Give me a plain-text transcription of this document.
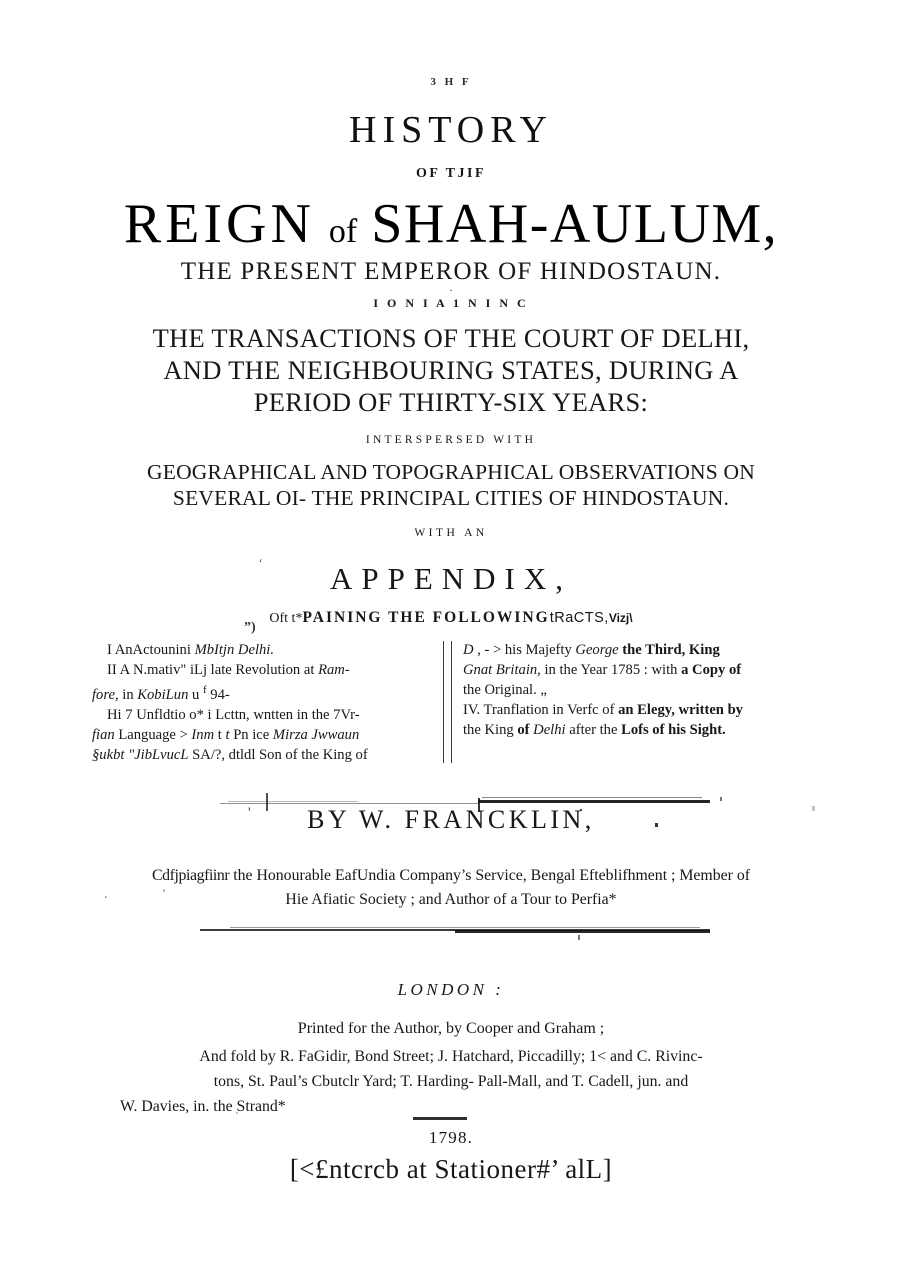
3 H F
HISTORY
OF TJIF
REIGN of SHAH-AULUM,
THE PRESENT EMPEROR OF HINDOSTAUN.
·
I O N I A 1 N I N C
THE TRANSACTIONS OF THE COURT OF DELHI,
AND THE NEIGHBOURING STATES, DURING A
PERIOD OF THIRTY-SIX YEARS:
INTERSPERSED WITH
GEOGRAPHICAL AND TOPOGRAPHICAL OBSERVATIONS ON
SEVERAL OI- THE PRINCIPAL CITIES OF HINDOSTAUN.
WITH AN
‘	APPENDIX,
Oft t*PAINING THE FOLLOWINGtRaCTS,Vizj\
”)

I AnActounini MbItjn Delhi.

II A N.mativ" iLj late Revolution at Ram-

fоre, in KobiLun u $^f$ 94-

Hi 7 Unfldtio o* i Lcttn, wntten in the 7Vr-

fian Language > Inm t t Pn ice Mirza Jwwaun

§ukbt "JibLvucL SA/?, dtldl Son of the King of

D , - > his Majefty George the Third, King

Gnat Britain, in the Year 1785 : with a Copy of

the Original. „

IV. Tranflation in Verfc of an Elegy, written by

the King of Delhi after the Lofs of his Sight.

'	BY W. FRANCKLIN,
Cdfjpiagfiinr the Honourable EafUndia Company’s Service, Bengal Efteblifhment ; Member of
Hie Afiatic Society ; and Author of a Tour to Perfia*
·	'
LONDON :
Printed for the Author, by Cooper and Graham ;
And fold by R. FaGidir, Bond Street; J. Hatchard, Piccadilly; 1< and C. Rivinc-
tons, St. Paul’s Cbutclr Yard; T. Harding- Pall-Mall, and T. Cadell, jun. and
W. Davies, in. the Strand*
1798.
[<£ntcrcb at Stationer#’ alL]
